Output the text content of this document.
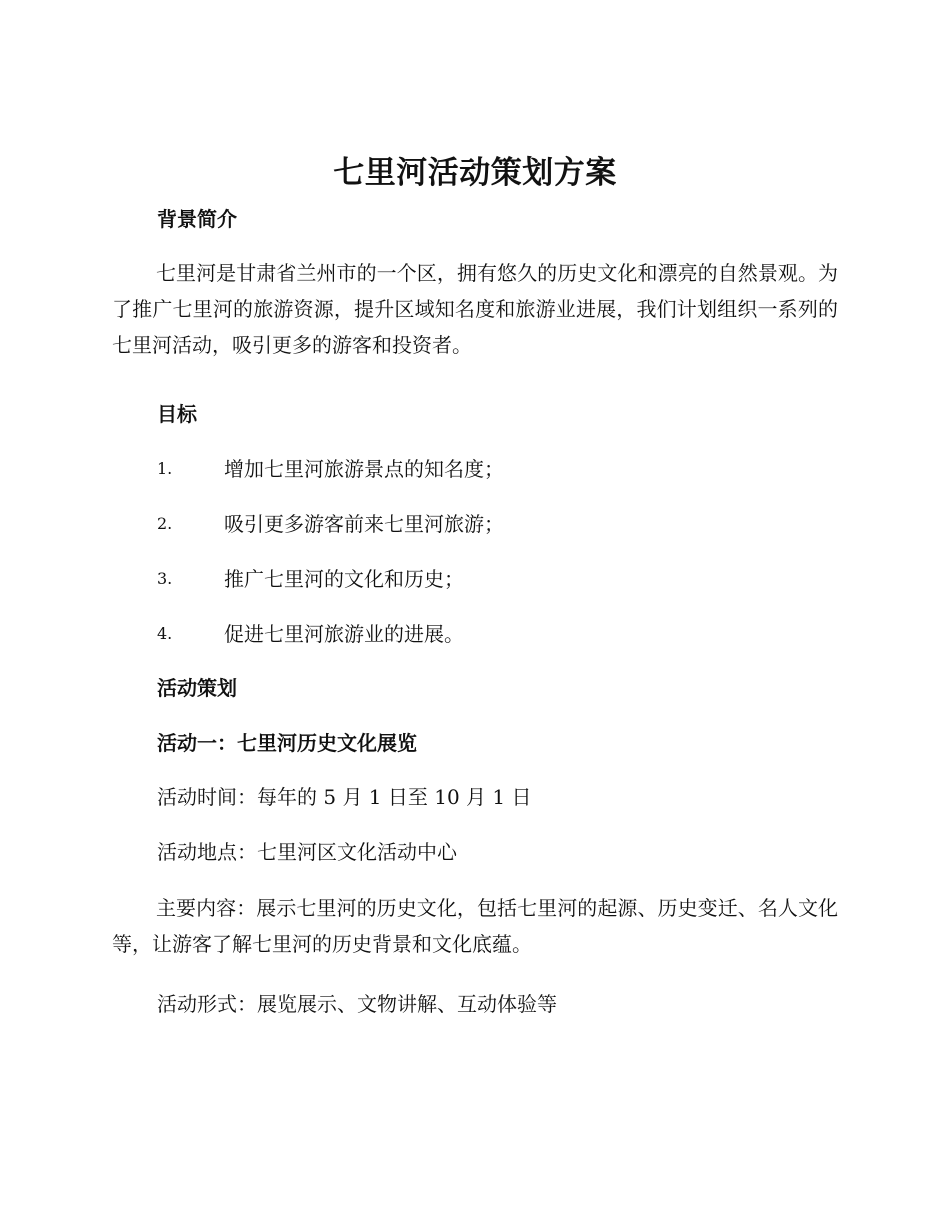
七里河活动策划方案
背景简介

七里河是甘肃省兰州市的一个区，拥有悠久的历史文化和漂亮的自然景观。为了推广七里河的旅游资源，提升区域知名度和旅游业进展，我们计划组织一系列的七里河活动，吸引更多的游客和投资者。

目标
1.	增加七里河旅游景点的知名度；
2.	吸引更多游客前来七里河旅游；
3.	推广七里河的文化和历史；
4.	促进七里河旅游业的进展。
活动策划
活动一：七里河历史文化展览

活动时间：每年的 5 月 1 日至 10 月 1 日

活动地点：七里河区文化活动中心

主要内容：展示七里河的历史文化，包括七里河的起源、历史变迁、名人文化等，让游客了解七里河的历史背景和文化底蕴。

活动形式：展览展示、文物讲解、互动体验等
